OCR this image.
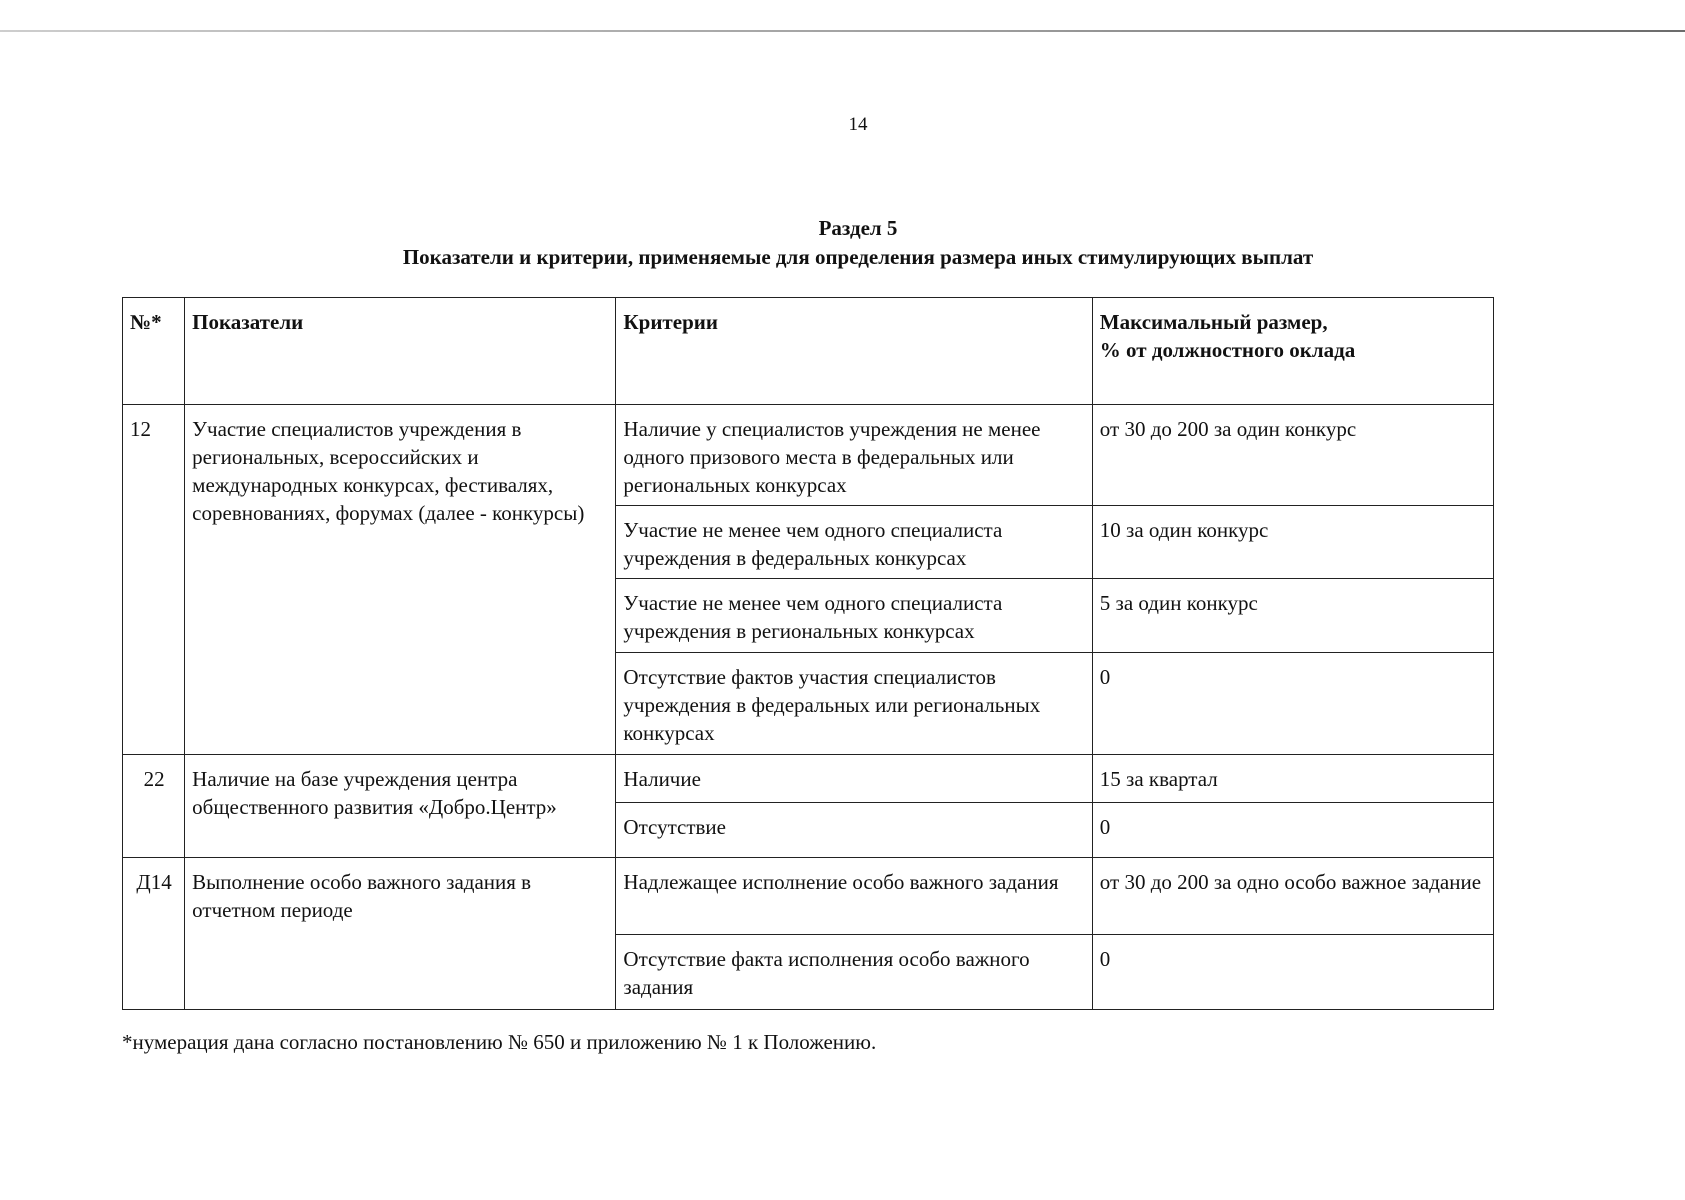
14
Раздел 5
Показатели и критерии, применяемые для определения размера иных стимулирующих выплат
№*	Показатели	Критерии	Максимальный размер,
% от должностного оклада
12	Участие специалистов учреждения в региональных, всероссийских и международных конкурсах, фестивалях, соревнованиях, форумах (далее - конкурсы)	Наличие у специалистов учреждения не менее одного призового места в федеральных или региональных конкурсах	от 30 до 200 за один конкурс
		Участие не менее чем одного специалиста учреждения в федеральных конкурсах	10 за один конкурс
		Участие не менее чем одного специалиста учреждения в региональных конкурсах	5 за один конкурс
		Отсутствие фактов участия специалистов учреждения в федеральных или региональных конкурсах	0
22	Наличие на базе учреждения центра общественного развития «Добро.Центр»	Наличие	15 за квартал
		Отсутствие	0
Д14	Выполнение особо важного задания в отчетном периоде	Надлежащее исполнение особо важного задания	от 30 до 200 за одно особо важное задание
		Отсутствие факта исполнения особо важного задания	0
*нумерация дана согласно постановлению № 650 и приложению № 1 к Положению.
